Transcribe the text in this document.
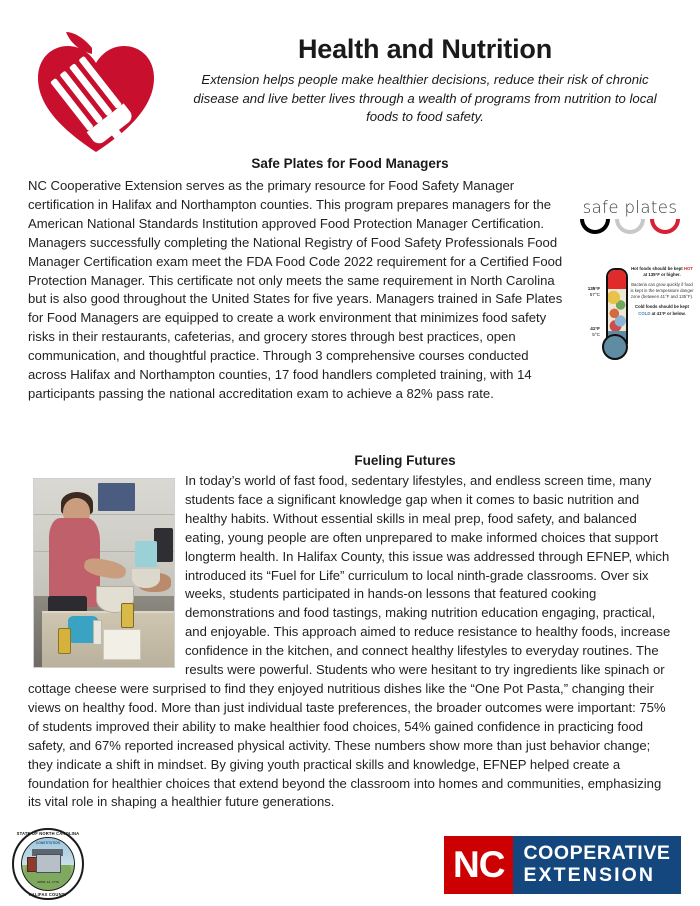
Health and Nutrition

Extension helps people make healthier decisions, reduce their risk of chronic disease and live better lives through a wealth of programs from nutrition to local foods to food safety.

Safe Plates for Food Managers
NC Cooperative Extension serves as the primary resource for Food Safety Manager certification in Halifax and Northampton counties. This program prepares managers for the American National Standards Institution approved Food Protection Manager Certification. Managers successfully completing the National Registry of Food Safety Professionals Food Manager Certification exam meet the FDA Food Code 2022 requirement for a Certified Food Protection Manager. This certificate not only meets the same requirement in North Carolina but is also good throughout the United States for five years. Managers trained in Safe Plates for Food Managers are equipped to create a work environment that minimizes food safety risks in their restaurants, cafeterias, and grocery stores through best practices, open communication, and thoughtful practice. Through 3 comprehensive courses conducted across Halifax and Northampton counties, 17 food handlers completed training, with 14 participants passing the national accreditation exam to achieve a 82% pass rate.
safe plates
135°F
57°C
41°F
5°C
Hot foods should be kept HOT at 135°F or higher.
Bacteria can grow quickly if food is kept in the temperature danger zone (between 41°F and 135°F).
Cold foods should be kept COLD at 41°F or below.
Fueling Futures
In today’s world of fast food, sedentary lifestyles, and endless screen time, many students face a significant knowledge gap when it comes to basic nutrition and healthy habits. Without essential skills in meal prep, food safety, and balanced eating, young people are often unprepared to make informed choices that support longterm health. In Halifax County, this issue was addressed through EFNEP, which introduced its “Fuel for Life” curriculum to local ninth-grade classrooms. Over six weeks, students participated in hands-on lessons that featured cooking demonstrations and food tastings, making nutrition education engaging, practical, and enjoyable. This approach aimed to reduce resistance to healthy foods, increase confidence in the kitchen, and connect healthy lifestyles to everyday routines. The results were powerful. Students who were hesitant to try ingredients like spinach or cottage cheese were surprised to find they enjoyed nutritious dishes like the “One Pot Pasta,” changing their views on healthy food. More than just individual taste preferences, the broader outcomes were important: 75% of students improved their ability to make healthier food choices, 54% gained confidence in practicing food safety, and 67% reported increased physical activity. These numbers show more than just behavior change; they indicate a shift in mindset. By giving youth practical skills and knowledge, EFNEP helped create a foundation for healthier choices that extend beyond the classroom into homes and communities, emphasizing its vital role in shaping a healthier future generations.
STATE OF NORTH CAROLINA
CONSTITUTION
APRIL 12, 1776
HALIFAX COUNTY
NC COOPERATIVE
EXTENSION
